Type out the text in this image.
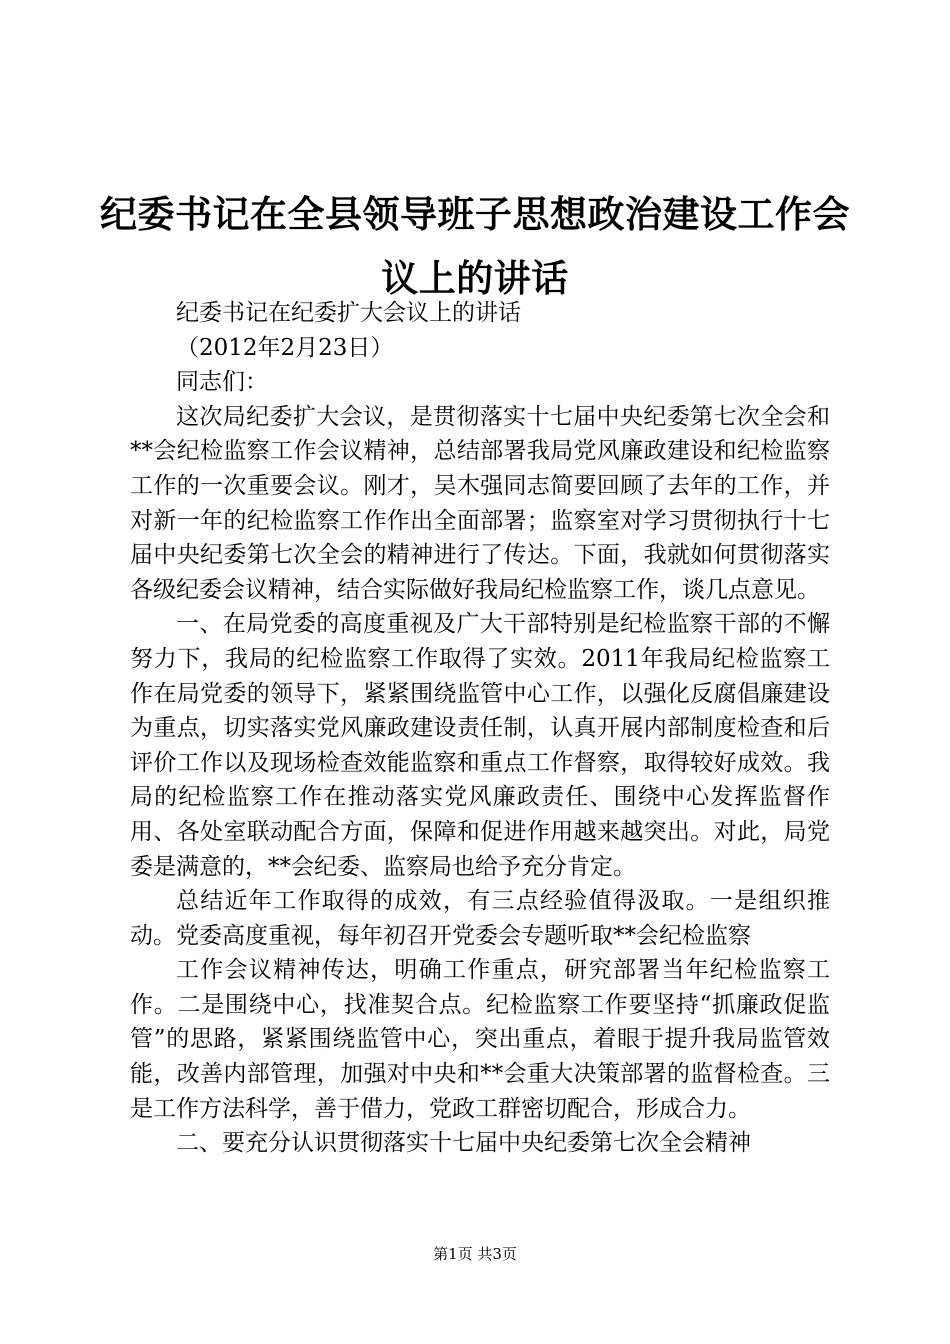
纪委书记在全县领导班子思想政治建设工作会
议上的讲话

纪委书记在纪委扩大会议上的讲话

（2012年2月23日）

同志们：

这次局纪委扩大会议，是贯彻落实十七届中央纪委第七次全会和**会纪检监察工作会议精神，总结部署我局党风廉政建设和纪检监察工作的一次重要会议。刚才，吴木强同志简要回顾了去年的工作，并对新一年的纪检监察工作作出全面部署；监察室对学习贯彻执行十七届中央纪委第七次全会的精神进行了传达。下面，我就如何贯彻落实各级纪委会议精神，结合实际做好我局纪检监察工作，谈几点意见。

一、在局党委的高度重视及广大干部特别是纪检监察干部的不懈努力下，我局的纪检监察工作取得了实效。2011年我局纪检监察工作在局党委的领导下，紧紧围绕监管中心工作，以强化反腐倡廉建设为重点，切实落实党风廉政建设责任制，认真开展内部制度检查和后评价工作以及现场检查效能监察和重点工作督察，取得较好成效。我局的纪检监察工作在推动落实党风廉政责任、围绕中心发挥监督作用、各处室联动配合方面，保障和促进作用越来越突出。对此，局党委是满意的，**会纪委、监察局也给予充分肯定。

总结近年工作取得的成效，有三点经验值得汲取。一是组织推动。党委高度重视，每年初召开党委会专题听取**会纪检监察

工作会议精神传达，明确工作重点，研究部署当年纪检监察工作。二是围绕中心，找准契合点。纪检监察工作要坚持“抓廉政促监管”的思路，紧紧围绕监管中心，突出重点，着眼于提升我局监管效能，改善内部管理，加强对中央和**会重大决策部署的监督检查。三是工作方法科学，善于借力，党政工群密切配合，形成合力。

二、要充分认识贯彻落实十七届中央纪委第七次全会精神

第1页 共3页
